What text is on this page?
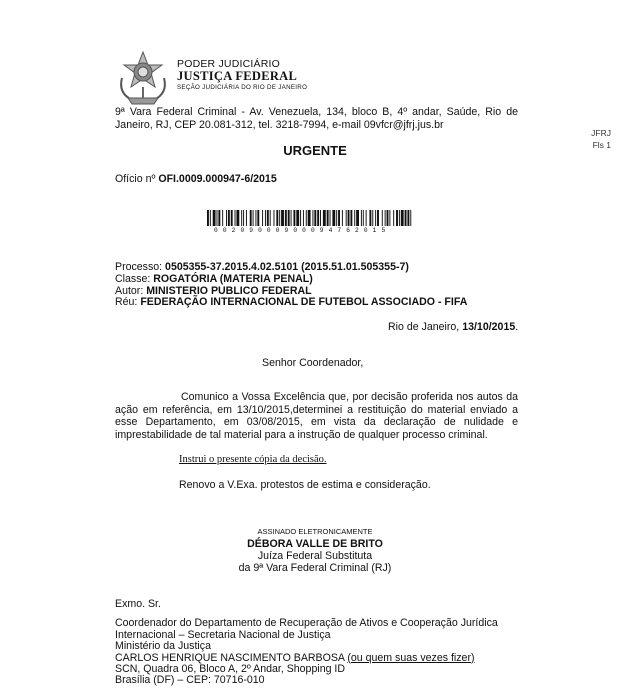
PODER JUDICIÁRIO
JUSTIÇA FEDERAL
SEÇÃO JUDICIÁRIA DO RIO DE JANEIRO
9ª Vara Federal Criminal - Av. Venezuela, 134, bloco B, 4º andar, Saúde, Rio de Janeiro, RJ, CEP 20.081-312, tel. 3218-7994, e-mail 09vfcr@jfrj.jus.br
JFRJ
Fls 1
URGENTE
Ofício nº OFI.0009.000947-6/2015
00209000900094762015
Processo: 0505355-37.2015.4.02.5101 (2015.51.01.505355-7)
Classe: ROGATÓRIA (MATERIA PENAL)
Autor: MINISTERIO PUBLICO FEDERAL
Réu: FEDERAÇÃO INTERNACIONAL DE FUTEBOL ASSOCIADO - FIFA
Rio de Janeiro, 13/10/2015.
Senhor Coordenador,
Comunico a Vossa Excelência que, por decisão proferida nos autos da ação em referência, em 13/10/2015,determinei a restituição do material enviado a esse Departamento, em 03/08/2015, em vista da declaração de nulidade e imprestabilidade de tal material para a instrução de qualquer processo criminal.
Instrui o presente cópia da decisão.
Renovo a V.Exa. protestos de estima e consideração.
ASSINADO ELETRONICAMENTE
DÉBORA VALLE DE BRITO
Juíza Federal Substituta
da 9ª Vara Federal Criminal (RJ)
Exmo. Sr.
Coordenador do Departamento de Recuperação de Ativos e Cooperação Jurídica
Internacional – Secretaria Nacional de Justiça
Ministério da Justiça
CARLOS HENRIQUE NASCIMENTO BARBOSA (ou quem suas vezes fizer)
SCN, Quadra 06, Bloco A, 2º Andar, Shopping ID
Brasília (DF) – CEP: 70716-010
